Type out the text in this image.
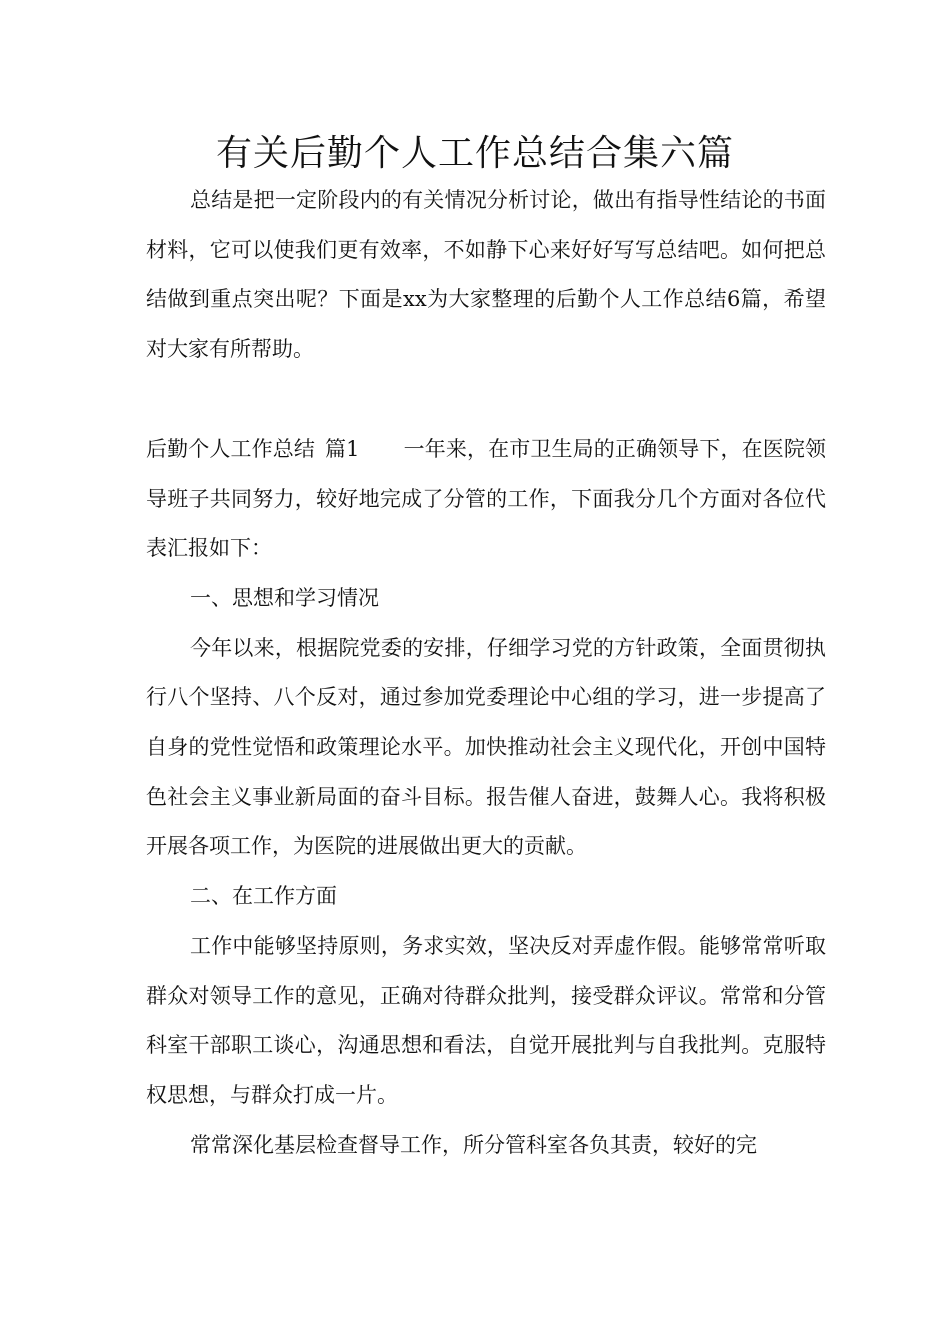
有关后勤个人工作总结合集六篇

总结是把一定阶段内的有关情况分析讨论，做出有指导性结论的书面材料，它可以使我们更有效率，不如静下心来好好写写总结吧。如何把总结做到重点突出呢？下面是xx为大家整理的后勤个人工作总结6篇，希望对大家有所帮助。

后勤个人工作总结 篇1 一年来，在市卫生局的正确领导下，在医院领导班子共同努力，较好地完成了分管的工作，下面我分几个方面对各位代表汇报如下：

一、思想和学习情况

今年以来，根据院党委的安排，仔细学习党的方针政策，全面贯彻执行八个坚持、八个反对，通过参加党委理论中心组的学习，进一步提高了自身的党性觉悟和政策理论水平。加快推动社会主义现代化，开创中国特色社会主义事业新局面的奋斗目标。报告催人奋进，鼓舞人心。我将积极开展各项工作，为医院的进展做出更大的贡献。

二、在工作方面

工作中能够坚持原则，务求实效，坚决反对弄虚作假。能够常常听取群众对领导工作的意见，正确对待群众批判，接受群众评议。常常和分管科室干部职工谈心，沟通思想和看法，自觉开展批判与自我批判。克服特权思想，与群众打成一片。

常常深化基层检查督导工作，所分管科室各负其责，较好的完
